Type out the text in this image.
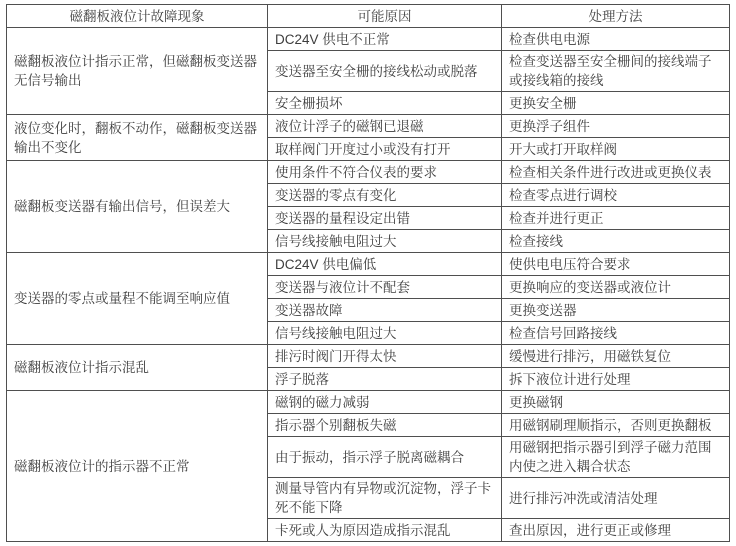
磁翻板液位计故障现象	可能原因	处理方法
磁翻板液位计指示正常，但磁翻板变送器无信号输出	DC24V 供电不正常	检查供电电源
	变送器至安全栅的接线松动或脱落	检查变送器至安全栅间的接线端子或接线箱的接线
	安全栅损坏	更换安全栅
液位变化时，翻板不动作，磁翻板变送器输出不变化	液位计浮子的磁钢已退磁	更换浮子组件
	取样阀门开度过小或没有打开	开大或打开取样阀
磁翻板变送器有输出信号，但误差大	使用条件不符合仪表的要求	检查相关条件进行改进或更换仪表
	变送器的零点有变化	检查零点进行调校
	变送器的量程设定出错	检查并进行更正
	信号线接触电阻过大	检查接线
变送器的零点或量程不能调至响应值	DC24V 供电偏低	使供电电压符合要求
	变送器与液位计不配套	更换响应的变送器或液位计
	变送器故障	更换变送器
	信号线接触电阻过大	检查信号回路接线
磁翻板液位计指示混乱	排污时阀门开得太快	缓慢进行排污，用磁铁复位
	浮子脱落	拆下液位计进行处理
磁翻板液位计的指示器不正常	磁钢的磁力减弱	更换磁钢
	指示器个别翻板失磁	用磁钢刷理顺指示，否则更换翻板
	由于振动，指示浮子脱离磁耦合	用磁钢把指示器引到浮子磁力范围内使之进入耦合状态
	测量导管内有异物或沉淀物，浮子卡死不能下降	进行排污冲洗或清洁处理
	卡死或人为原因造成指示混乱	查出原因，进行更正或修理
